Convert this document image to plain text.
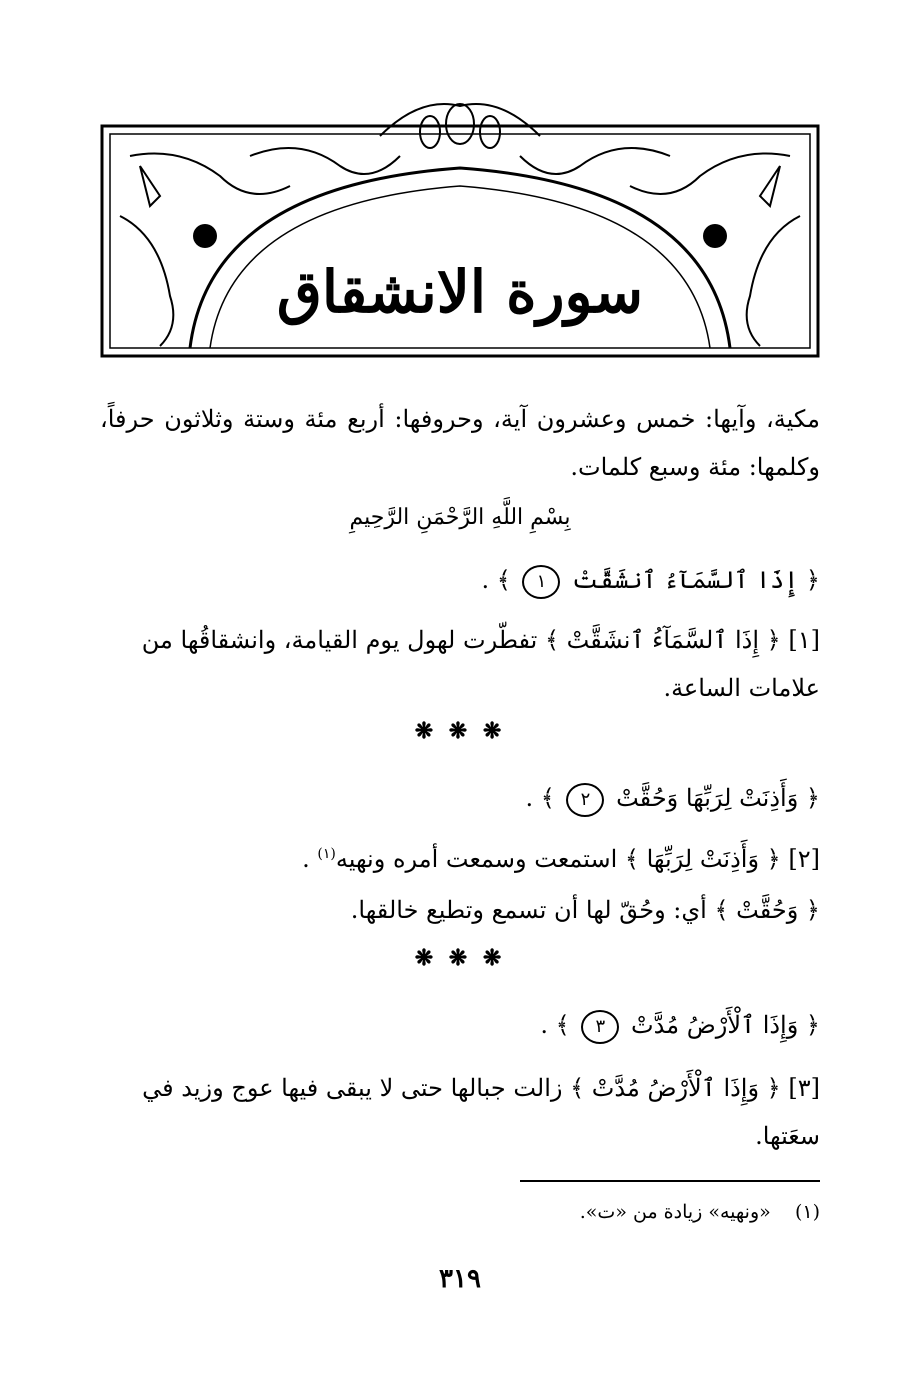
سورة الانشقاق
مكية، وآيها: خمس وعشرون آية، وحروفها: أربع مئة وستة وثلاثون حرفاً، وكلمها: مئة وسبع كلمات.
بِسْمِ اللَّهِ الرَّحْمَنِ الرَّحِيمِ
﴿ إِذَا ٱلسَّمَآءُ ٱنشَقَّتْ ١ ﴾ .
[١] ﴿ إِذَا ٱلسَّمَآءُ ٱنشَقَّتْ ﴾ تفطّرت لهول يوم القيامة، وانشقاقُها من علامات الساعة.
❋ ❋ ❋
﴿ وَأَذِنَتْ لِرَبِّهَا وَحُقَّتْ ٢ ﴾ .
[٢] ﴿ وَأَذِنَتْ لِرَبِّهَا ﴾ استمعت وسمعت أمره ونهيه$^{(١)}$ .
﴿ وَحُقَّتْ ﴾ أي: وحُقّ لها أن تسمع وتطيع خالقها.
❋ ❋ ❋
﴿ وَإِذَا ٱلْأَرْضُ مُدَّتْ ٣ ﴾ .
[٣] ﴿ وَإِذَا ٱلْأَرْضُ مُدَّتْ ﴾ زالت جبالها حتى لا يبقى فيها عوج وزيد في سعَتها.
(١)    «ونهيه» زيادة من «ت».
٣١٩
